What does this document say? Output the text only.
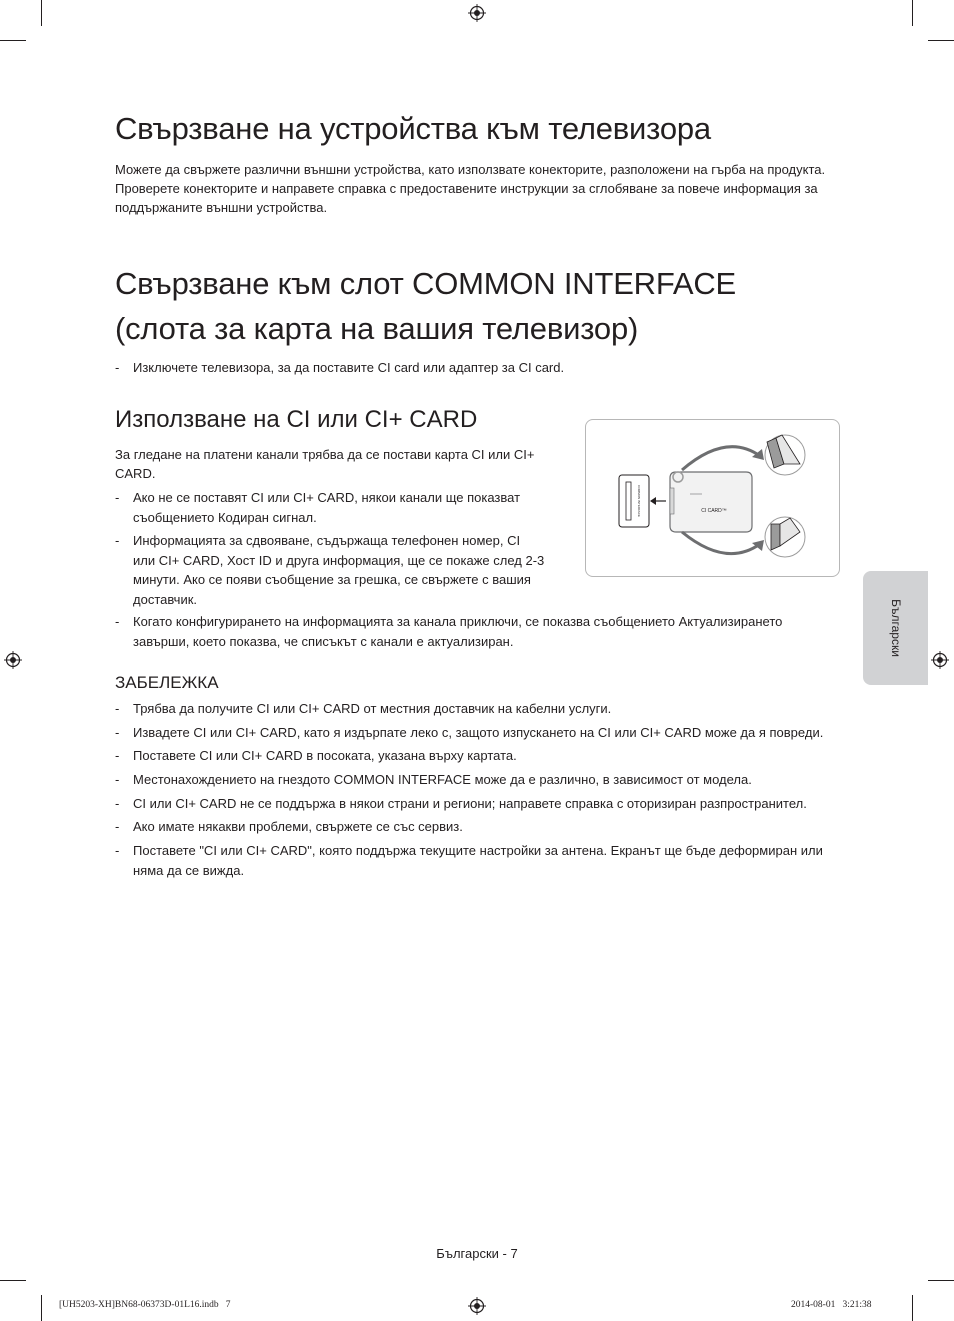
Свързване на устройства към телевизора
Можете да свържете различни външни устройства, като използвате конекторите, разположени на гърба на продукта. Проверете конекторите и направете справка с предоставените инструкции за сглобяване за повече информация за поддържаните външни устройства.
Свързване към слот COMMON INTERFACE
(слота за карта на вашия телевизор)
-	Изключете телевизора, за да поставите CI card или адаптер за CI card.
Използване на CI или CI+ CARD
За гледане на платени канали трябва да се постави карта CI или CI+
CARD.
- Ако не се поставят CI или CI+ CARD, някои канали ще показват
съобщението Кодиран сигнал.
- Информацията за сдвояване, съдържаща телефонен номер, CI
или CI+ CARD, Хост ID и друга информация, ще се покаже след 2-3
минути. Ако се появи съобщение за грешка, се свържете с вашия
доставчик.
- Когато конфигурирането на информацията за канала приключи, се показва съобщението Актуализирането
завърши, което показва, че списъкът с канали е актуализиран.
COMMON INTERFACE	CI CARD™
ЗАБЕЛЕЖКА
-	Трябва да получите CI или CI+ CARD от местния доставчик на кабелни услуги.
-	Извадете CI или CI+ CARD, като я издърпате леко с, защото изпускането на CI или CI+ CARD може да я повреди.
-	Поставете CI или CI+ CARD в посоката, указана върху картата.
-	Местонахождението на гнездото COMMON INTERFACE може да е различно, в зависимост от модела.
-	CI или CI+ CARD не се поддържа в някои страни и региони; направете справка с оторизиран разпространител.
-	Ако имате някакви проблеми, свържете се със сервиз.
- Поставете "CI или CI+ CARD", която поддържа текущите настройки за антена. Екранът ще бъде деформиран или
няма да се вижда.
Български
Български - 7
[UH5203-XH]BN68-06373D-01L16.indb   7	2014-08-01   3:21:38
